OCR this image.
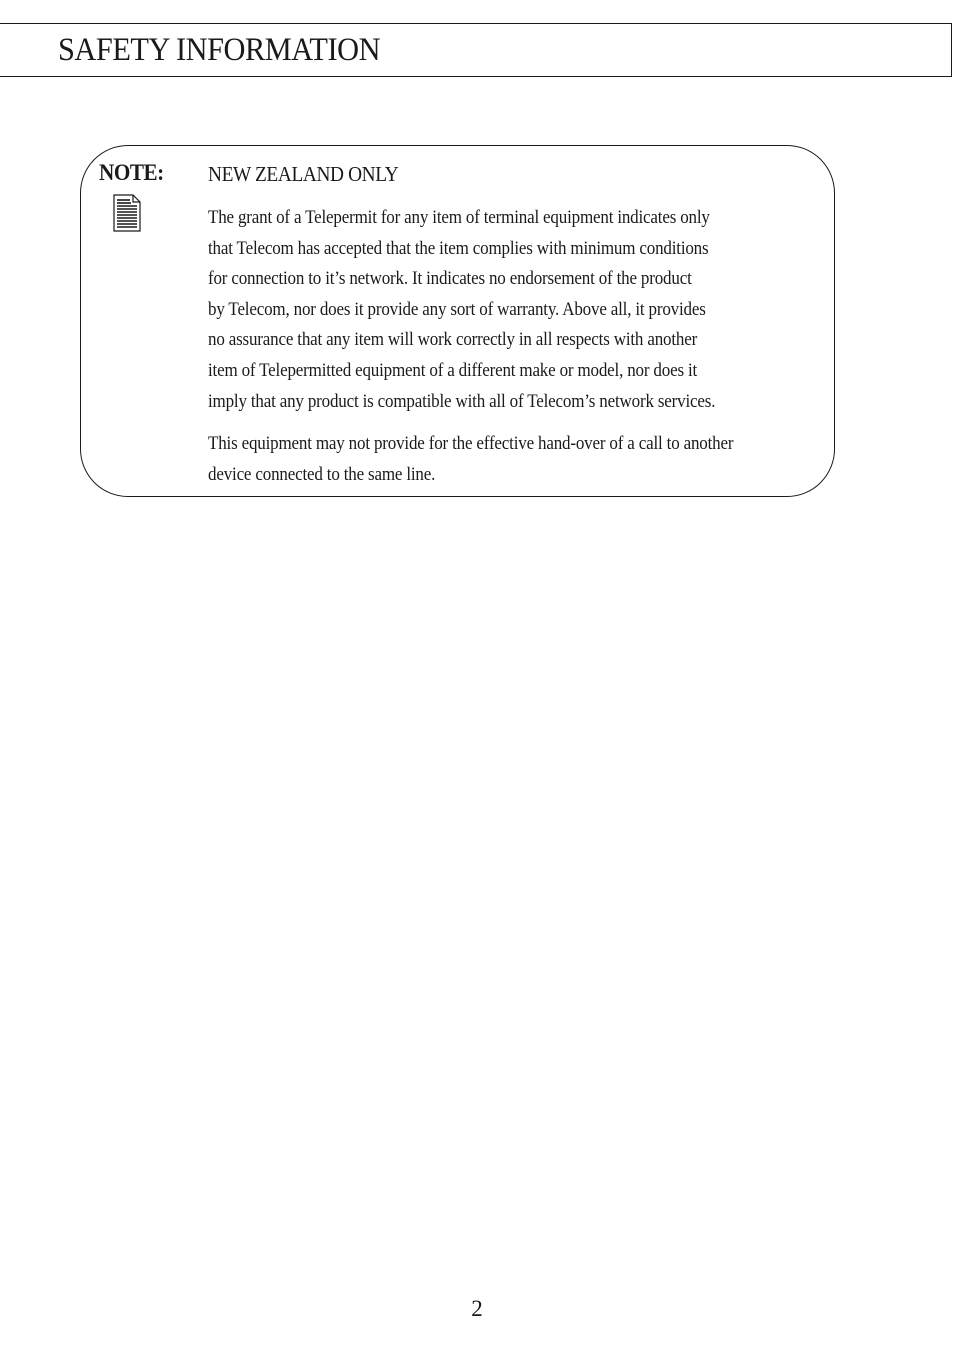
SAFETY INFORMATION
NOTE: NEW ZEALAND ONLY

The grant of a Telepermit for any item of terminal equipment indicates only
that Telecom has accepted that the item complies with minimum conditions
for connection to it’s network. It indicates no endorsement of the product
by Telecom, nor does it provide any sort of warranty. Above all, it provides
no assurance that any item will work correctly in all respects with another
item of Telepermitted equipment of a different make or model, nor does it
imply that any product is compatible with all of Telecom’s network services.

This equipment may not provide for the effective hand-over of a call to another
device connected to the same line.

2
